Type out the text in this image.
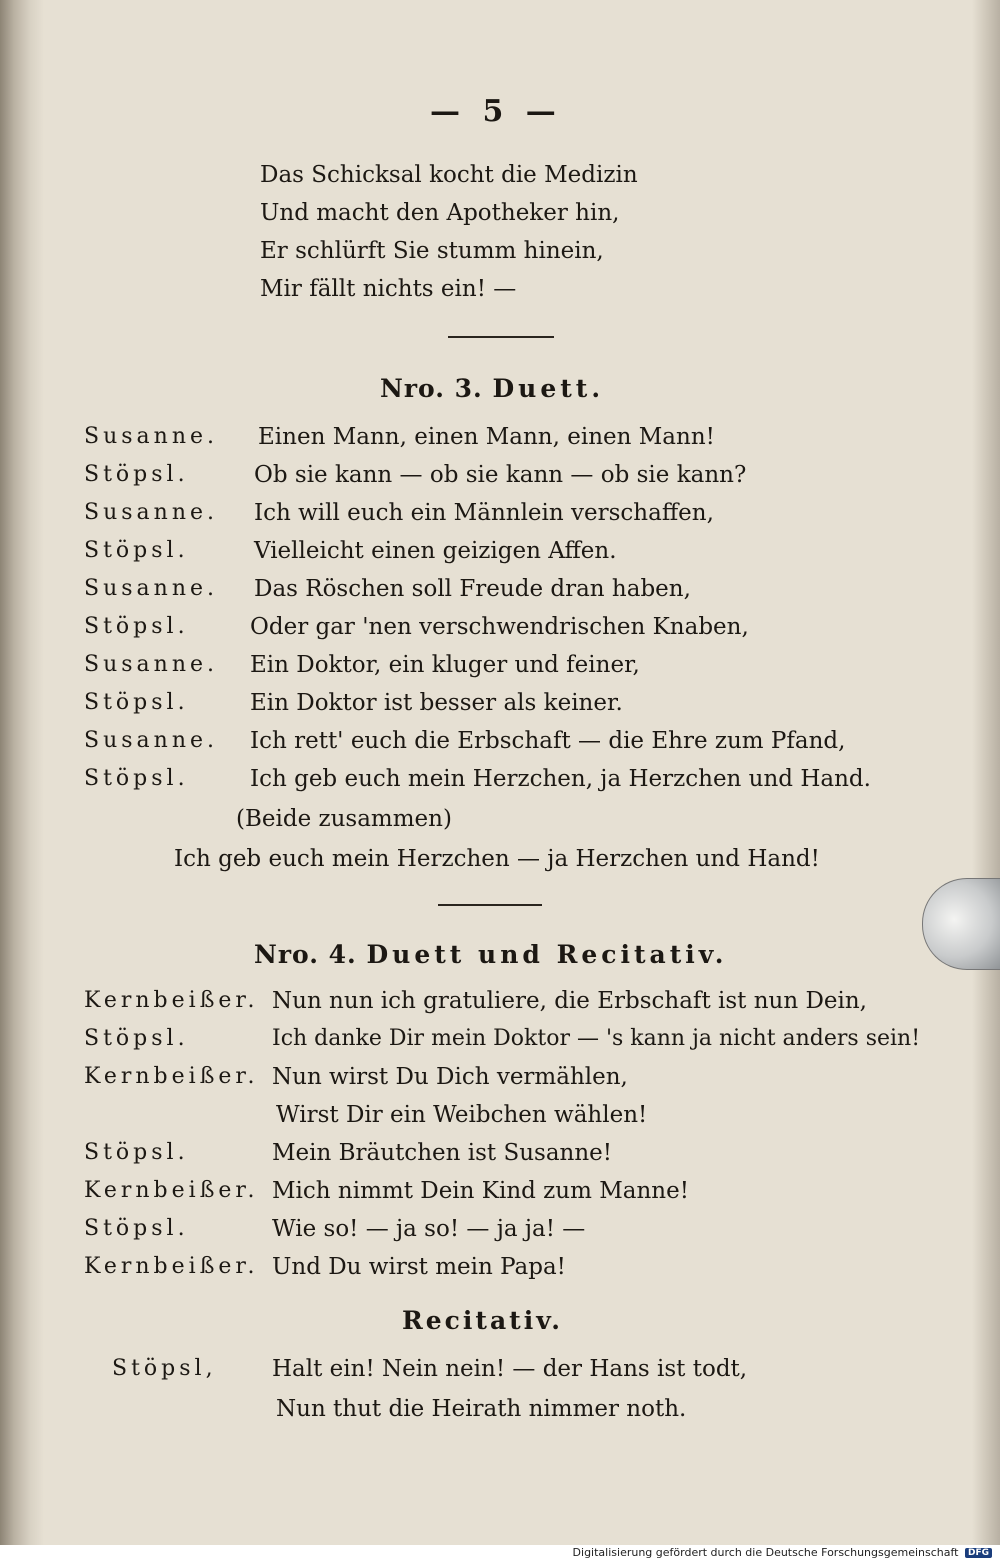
— 5 —
Das Schicksal kocht die Medizin
Und macht den Apotheker hin,
Er schlürft Sie stumm hinein,
Mir fällt nichts ein! —
Nro. 3. Duett.
Susanne. Einen Mann, einen Mann, einen Mann!
Stöpsl.	Ob sie kann — ob sie kann — ob sie kann?
Susanne. Ich will euch ein Männlein verschaffen,
Stöpsl.	Vielleicht einen geizigen Affen.
Susanne. Das Röschen soll Freude dran haben,
Stöpsl.	Oder gar 'nen verschwendrischen Knaben,
Susanne. Ein Doktor, ein kluger und feiner,
Stöpsl.	Ein Doktor ist besser als keiner.
Susanne. Ich rett' euch die Erbschaft — die Ehre zum Pfand,
Stöpsl.	Ich geb euch mein Herzchen, ja Herzchen und Hand.
(Beide zusammen)
Ich geb euch mein Herzchen — ja Herzchen und Hand!
Nro. 4. Duett und Recitativ.
Kernbeißer. Nun nun ich gratuliere, die Erbschaft ist nun Dein,
Stöpsl.	Ich danke Dir mein Doktor — 's kann ja nicht anders sein!
Kernbeißer. Nun wirst Du Dich vermählen,
Wirst Dir ein Weibchen wählen!
Stöpsl.	Mein Bräutchen ist Susanne!
Kernbeißer. Mich nimmt Dein Kind zum Manne!
Stöpsl.	Wie so! — ja so! — ja ja! —
Kernbeißer. Und Du wirst mein Papa!
Recitativ.
Stöpsl, Halt ein! Nein nein! — der Hans ist todt,
Nun thut die Heirath nimmer noth.
Digitalisierung gefördert durch die Deutsche Forschungsgemeinschaft DFG
